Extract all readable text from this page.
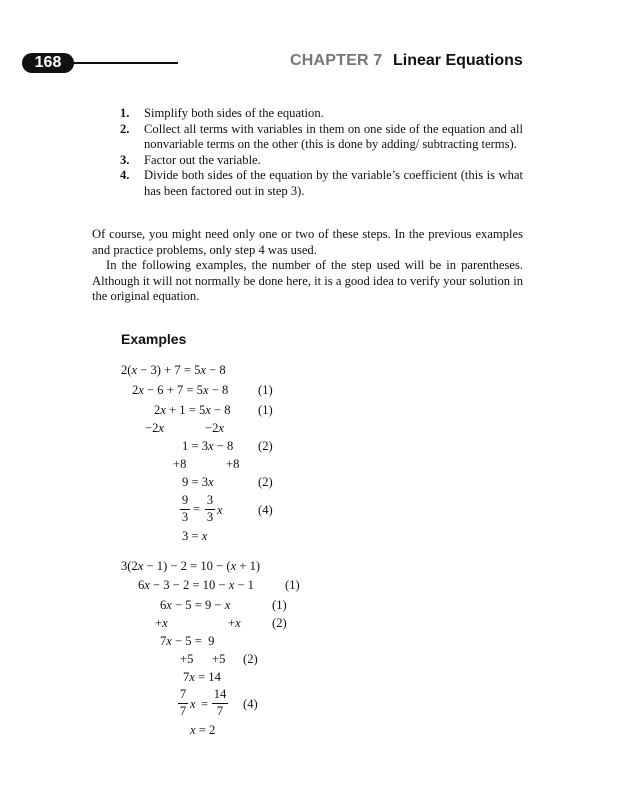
168	CHAPTER 7 Linear Equations
1.	Simplify both sides of the equation.
2.	Collect all terms with variables in them on one side of the equation and all nonvariable terms on the other (this is done by adding/ subtracting terms).
3.	Factor out the variable.
4.	Divide both sides of the equation by the variable’s coefficient (this is what has been factored out in step 3).
Of course, you might need only one or two of these steps. In the previous examples and practice problems, only step 4 was used.
In the following examples, the number of the step used will be in parentheses. Although it will not normally be done here, it is a good idea to verify your solution in the original equation.
Examples
2(x − 3) + 7 = 5x − 8
2x − 6 + 7 = 5x − 8 (1)
2x + 1 = 5x − 8 (1)
−2x	−2x
1 = 3x − 8 (2)
+8	+8
9 = 3x	(2)
9
3
=
3
3 x	(4)
3 = x
3(2x − 1) − 2 = 10 − (x + 1)
6x − 3 − 2 = 10 − x − 1 (1)
6x − 5 = 9 − x	(1)
+x	+x (2)
7x − 5 =  9
+5 +5 (2)
7x = 14
7
7 x =
14
7	(4)
x = 2
